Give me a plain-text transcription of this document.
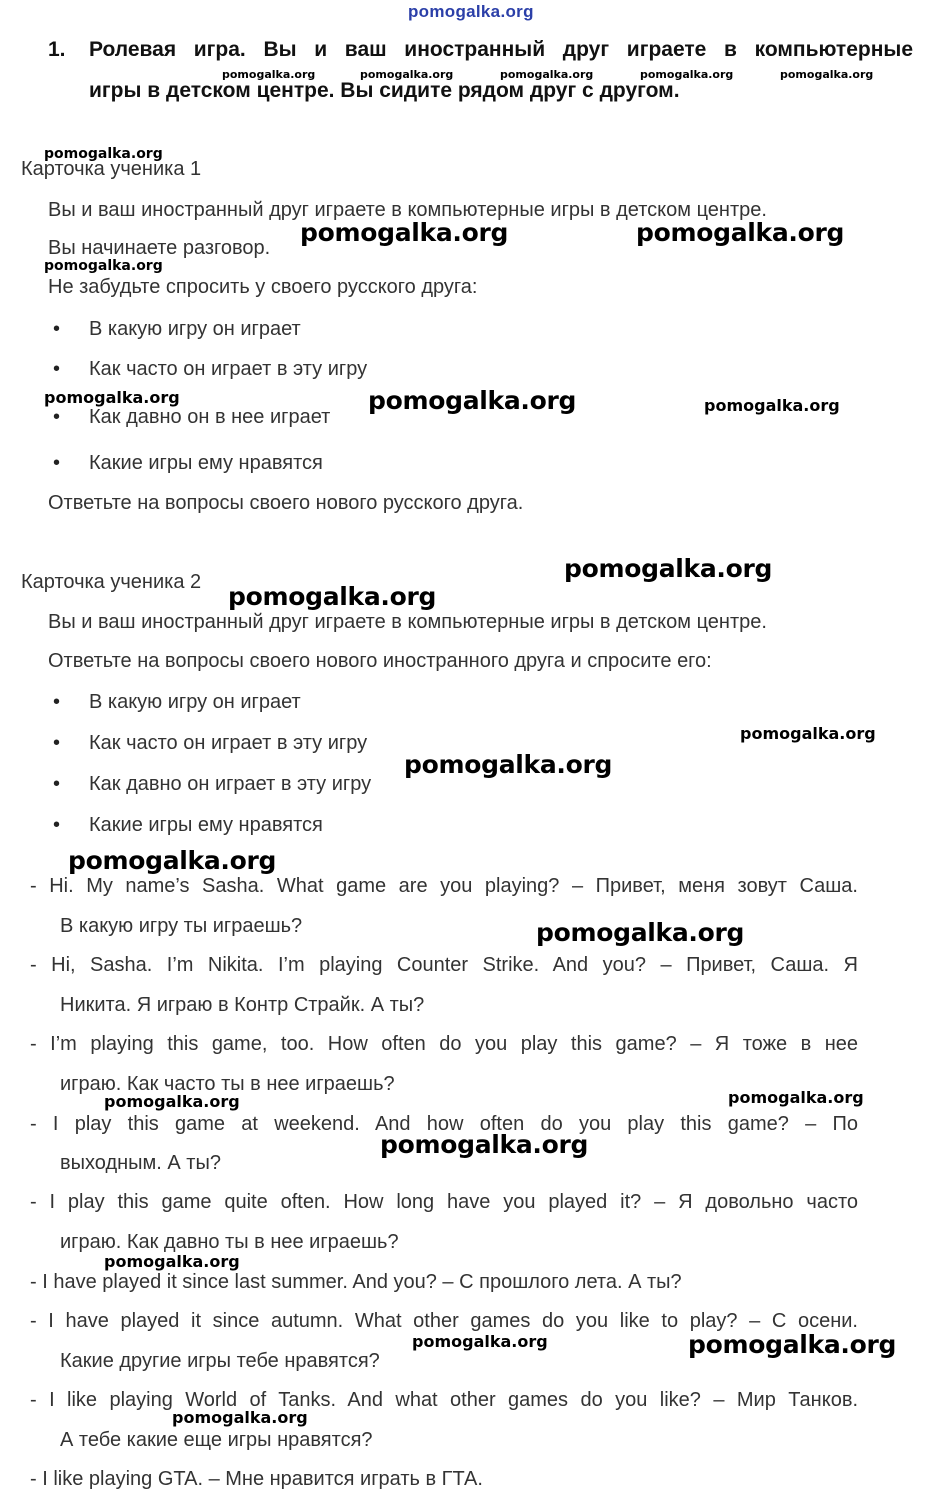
pomogalka.org
1. Ролевая игра. Вы и ваш иностранный друг играете в компьютерные
игры в детском центре. Вы сидите рядом друг с другом.
Карточка ученика 1
Вы и ваш иностранный друг играете в компьютерные игры в детском центре.
Вы начинаете разговор.
Не забудьте спросить у своего русского друга:
• В какую игру он играет
• Как часто он играет в эту игру
• Как давно он в нее играет
• Какие игры ему нравятся
Ответьте на вопросы своего нового русского друга.
Карточка ученика 2
Вы и ваш иностранный друг играете в компьютерные игры в детском центре.
Ответьте на вопросы своего нового иностранного друга и спросите его:
• В какую игру он играет
• Как часто он играет в эту игру
• Как давно он играет в эту игру
• Какие игры ему нравятся
- Hi. My name’s Sasha. What game are you playing? – Привет, меня зовут Саша.
В какую игру ты играешь?
- Hi, Sasha. I’m Nikita. I’m playing Counter Strike. And you? – Привет, Саша. Я
Никита. Я играю в Контр Страйк. А ты?
- I’m playing this game, too. How often do you play this game? – Я тоже в нее
играю. Как часто ты в нее играешь?
- I play this game at weekend. And how often do you play this game? – По
выходным. А ты?
- I play this game quite often. How long have you played it? – Я довольно часто
играю. Как давно ты в нее играешь?
- I have played it since last summer. And you? – С прошлого лета. А ты?
- I have played it since autumn. What other games do you like to play? – С осени.
Какие другие игры тебе нравятся?
- I like playing World of Tanks. And what other games do you like? – Мир Танков.
А тебе какие еще игры нравятся?
- I like playing GTA. – Мне нравится играть в ГТА.
pomogalka.org	pomogalka.org	pomogalka.org	pomogalka.org	pomogalka.org
pomogalka.org
pomogalka.org	pomogalka.org
pomogalka.org
pomogalka.org	pomogalka.org	pomogalka.org
pomogalka.org
pomogalka.org
pomogalka.org
pomogalka.org
pomogalka.org
pomogalka.org
pomogalka.org	pomogalka.org
pomogalka.org
pomogalka.org
pomogalka.org	pomogalka.org
pomogalka.org
